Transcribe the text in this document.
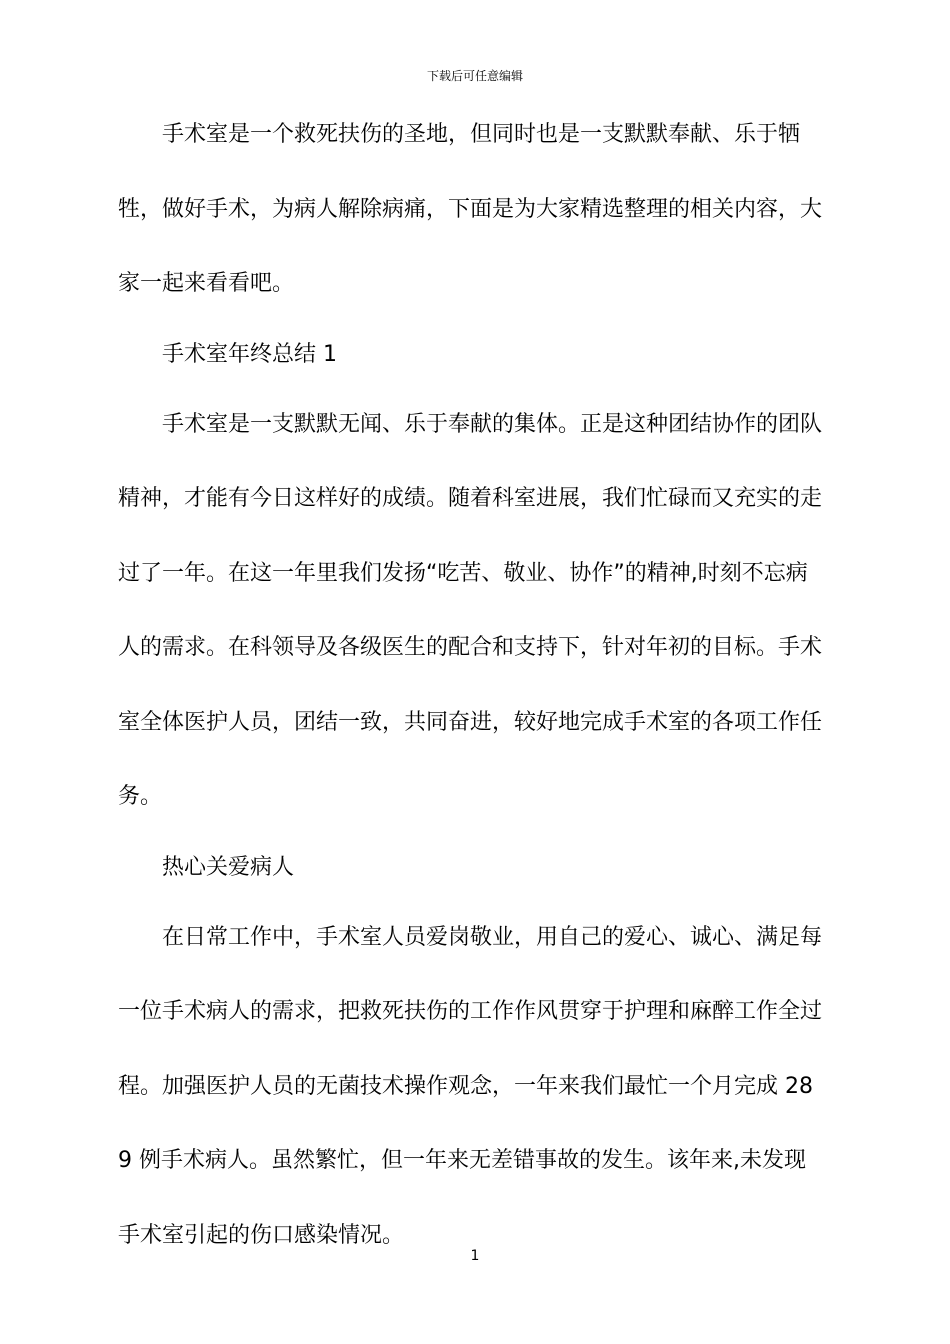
下载后可任意编辑

手术室是一个救死扶伤的圣地，但同时也是一支默默奉献、乐于牺牲，做好手术，为病人解除病痛，下面是为大家精选整理的相关内容，大家一起来看看吧。

手术室年终总结 1

手术室是一支默默无闻、乐于奉献的集体。正是这种团结协作的团队精神，才能有今日这样好的成绩。随着科室进展，我们忙碌而又充实的走过了一年。在这一年里我们发扬“吃苦、敬业、协作”的精神,时刻不忘病人的需求。在科领导及各级医生的配合和支持下，针对年初的目标。手术室全体医护人员，团结一致，共同奋进，较好地完成手术室的各项工作任务。

热心关爱病人

在日常工作中，手术室人员爱岗敬业，用自己的爱心、诚心、满足每一位手术病人的需求，把救死扶伤的工作作风贯穿于护理和麻醉工作全过程。加强医护人员的无菌技术操作观念，一年来我们最忙一个月完成 289 例手术病人。虽然繁忙，但一年来无差错事故的发生。该年来,未发现手术室引起的伤口感染情况。

1
